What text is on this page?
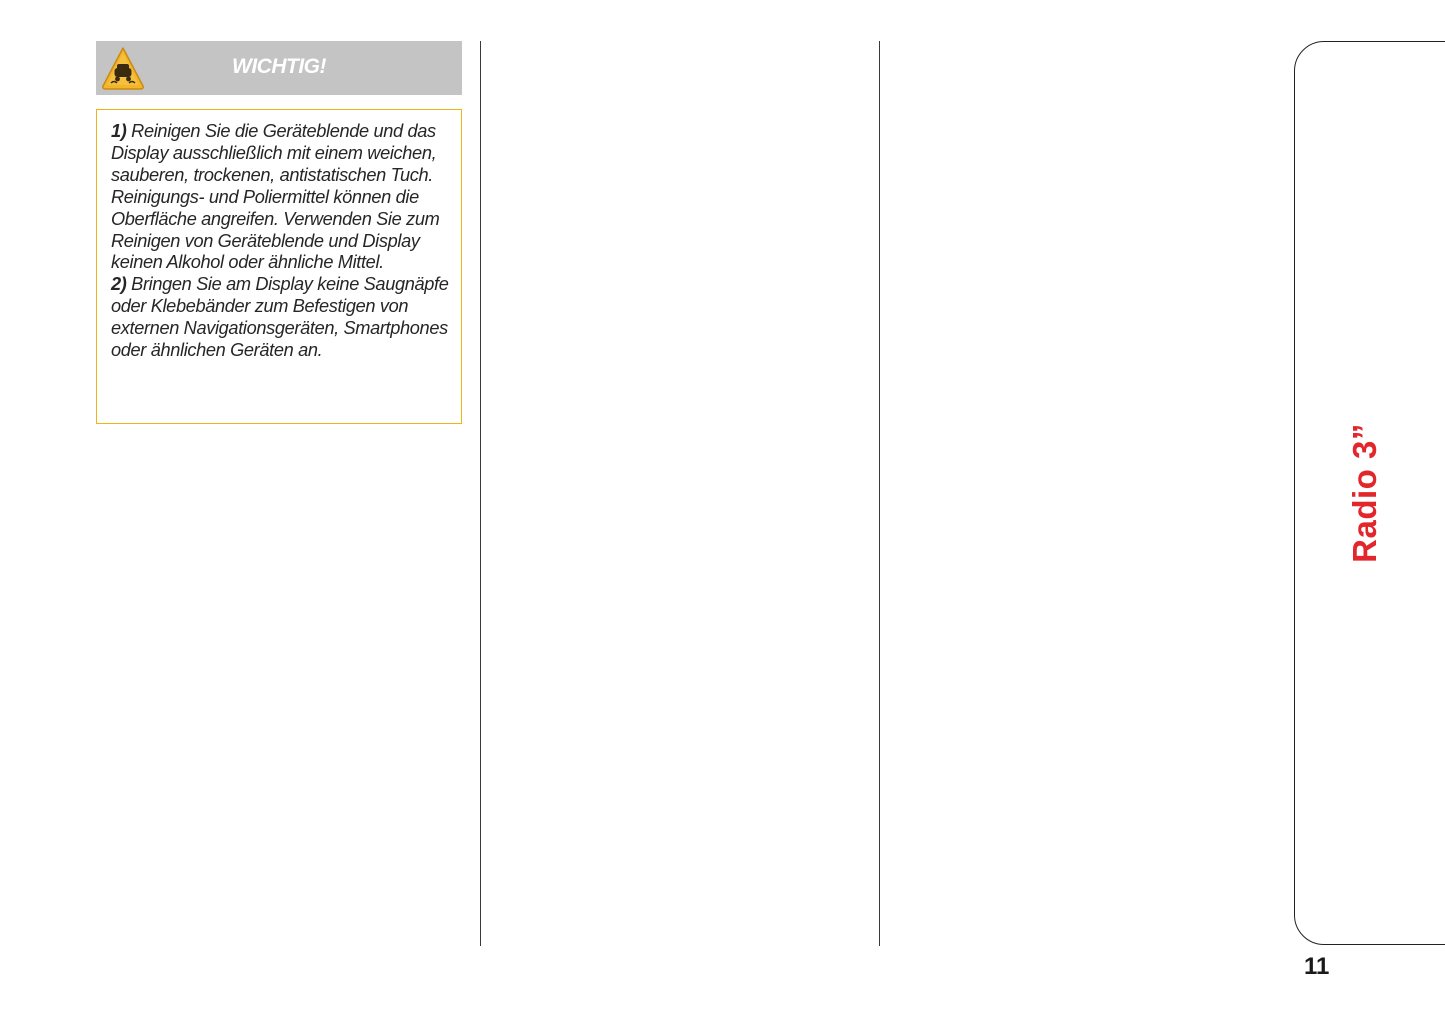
WICHTIG!

1) Reinigen Sie die Geräteblende und das Display ausschließlich mit einem weichen, sauberen, trockenen, antistatischen Tuch. Reinigungs- und Poliermittel können die Oberfläche angreifen. Verwenden Sie zum Reinigen von Geräteblende und Display keinen Alkohol oder ähnliche Mittel.

2) Bringen Sie am Display keine Saugnäpfe oder Klebebänder zum Befestigen von externen Navigationsgeräten, Smartphones oder ähnlichen Geräten an.

Radio 3”
11
